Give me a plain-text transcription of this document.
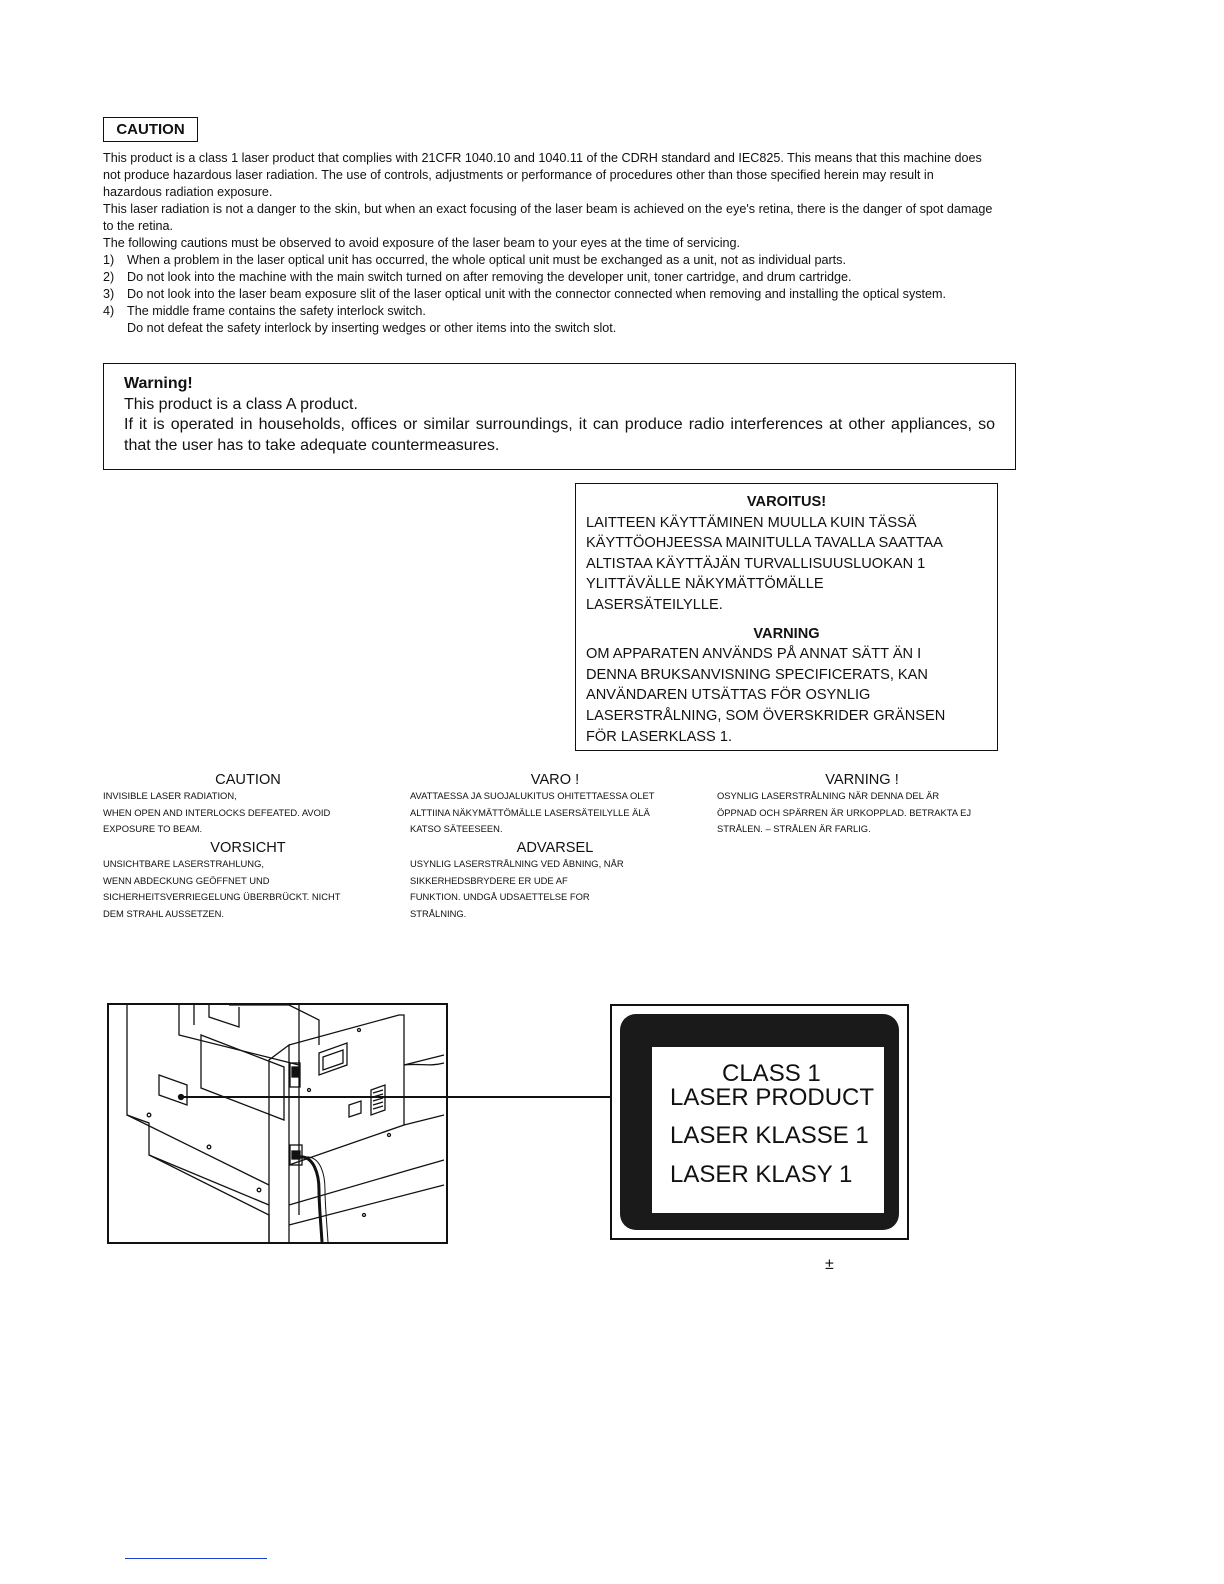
CAUTION

This product is a class 1 laser product that complies with 21CFR 1040.10 and 1040.11 of the CDRH standard and IEC825. This means that this machine does not produce hazardous laser radiation. The use of controls, adjustments or performance of procedures other than those specified herein may result in hazardous radiation exposure.

This laser radiation is not a danger to the skin, but when an exact focusing of the laser beam is achieved on the eye's retina, there is the danger of spot damage to the retina.

The following cautions must be observed to avoid exposure of the laser beam to your eyes at the time of servicing.

1) When a problem in the laser optical unit has occurred, the whole optical unit must be exchanged as a unit, not as individual parts.
2) Do not look into the machine with the main switch turned on after removing the developer unit, toner cartridge, and drum cartridge.
3) Do not look into the laser beam exposure slit of the laser optical unit with the connector connected when removing and installing the optical system.
4) The middle frame contains the safety interlock switch.
Do not defeat the safety interlock by inserting wedges or other items into the switch slot.
Warning!
This product is a class A product.
If it is operated in households, offices or similar surroundings, it can produce radio interferences at other appliances, so that the user has to take adequate countermeasures.
VAROITUS!
LAITTEEN KÄYTTÄMINEN MUULLA KUIN TÄSSÄ
KÄYTTÖOHJEESSA MAINITULLA TAVALLA SAATTAA
ALTISTAA KÄYTTÄJÄN TURVALLISUUSLUOKAN 1
YLITTÄVÄLLE NÄKYMÄTTÖMÄLLE
LASERSÄTEILYLLE.
VARNING
OM APPARATEN ANVÄNDS PÅ ANNAT SÄTT ÄN I
DENNA BRUKSANVISNING SPECIFICERATS, KAN
ANVÄNDAREN UTSÄTTAS FÖR OSYNLIG
LASERSTRÅLNING, SOM ÖVERSKRIDER GRÄNSEN
FÖR LASERKLASS 1.
CAUTION
INVISIBLE LASER RADIATION,
WHEN OPEN AND INTERLOCKS DEFEATED. AVOID
EXPOSURE TO BEAM.
VORSICHT
UNSICHTBARE LASERSTRAHLUNG,
WENN ABDECKUNG GEÖFFNET UND
SICHERHEITSVERRIEGELUNG ÜBERBRÜCKT. NICHT
DEM STRAHL AUSSETZEN.
VARO !
AVATTAESSA JA SUOJALUKITUS OHITETTAESSA OLET
ALTTIINA NÄKYMÄTTÖMÄLLE LASERSÄTEILYLLE ÄLÄ
KATSO SÄTEESEEN.
ADVARSEL
USYNLIG LASERSTRÅLNING VED ÅBNING, NÅR
SIKKERHEDSBRYDERE ER UDE AF
FUNKTION. UNDGÅ UDSAETTELSE FOR
STRÅLNING.
VARNING !
OSYNLIG LASERSTRÅLNING NÄR DENNA DEL ÄR
ÖPPNAD OCH SPÄRREN ÄR URKOPPLAD. BETRAKTA EJ
STRÅLEN. – STRÅLEN ÄR FARLIG.
CLASS 1
LASER PRODUCT
LASER KLASSE 1
LASER KLASY 1
±
